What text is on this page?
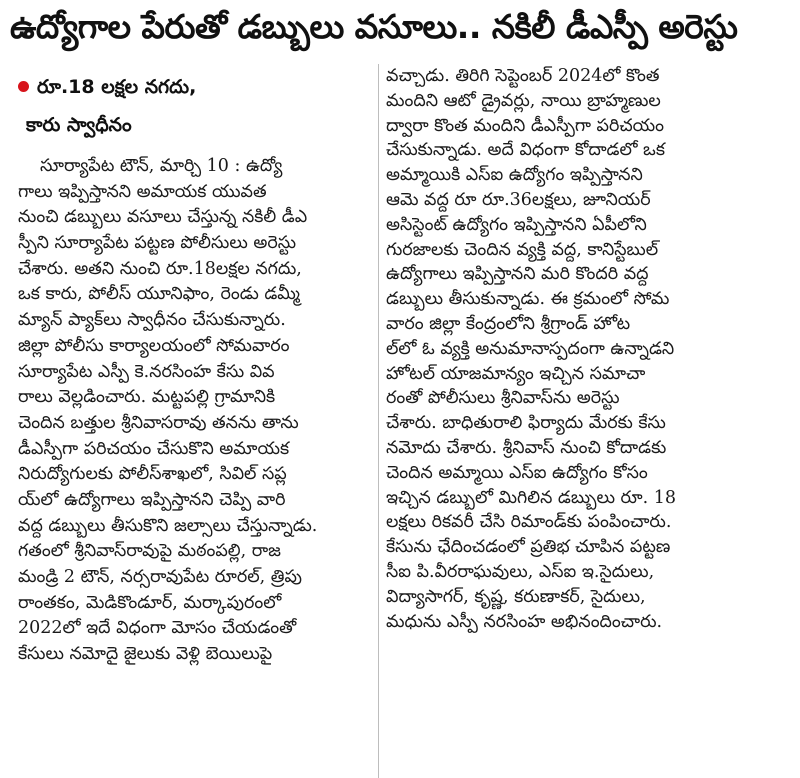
ఉద్యోగాల పేరుతో డబ్బులు వసూలు.. నకిలీ డీఎస్పీ అరెస్టు
రూ.18 లక్షల నగదు,
కారు స్వాధీనం
సూర్యాపేట టౌన్, మార్చి 10 : ఉద్యో
గాలు ఇప్పిస్తానని అమాయక యువత
నుంచి డబ్బులు వసూలు చేస్తున్న నకిలీ డీఎ
స్పీని సూర్యాపేట పట్టణ పోలీసులు అరెస్టు
చేశారు. అతని నుంచి రూ.18లక్షల నగదు,
ఒక కారు, పోలీస్ యూనిఫాం, రెండు డమ్మీ
మ్యాన్ ప్యాక్‌లు స్వాధీనం చేసుకున్నారు.
జిల్లా పోలీసు కార్యాలయంలో సోమవారం
సూర్యాపేట ఎస్పీ కె.నరసింహ కేసు వివ
రాలు వెల్లడించారు. మట్టపల్లి గ్రామానికి
చెందిన బత్తుల శ్రీనివాసరావు తనను తాను
డీఎస్పీగా పరిచయం చేసుకొని అమాయక
నిరుద్యోగులకు పోలీస్‌శాఖలో, సివిల్ సప్ల
య్‌లో ఉద్యోగాలు ఇప్పిస్తానని చెప్పి వారి
వద్ద డబ్బులు తీసుకొని జల్సాలు చేస్తున్నాడు.
గతంలో శ్రీనివాస్‌రావుపై మఠంపల్లి, రాజ
మండ్రి 2 టౌన్, నర్సరావుపేట రూరల్, త్రిపు
రాంతకం, మెడికొండూర్, మర్కాపురంలో
2022లో ఇదే విధంగా మోసం చేయడంతో
కేసులు నమోదై జైలుకు వెళ్లి బెయిలుపై
వచ్చాడు. తిరిగి సెప్టెంబర్ 2024లో కొంత
మందిని ఆటో డ్రైవర్లు, నాయి బ్రాహ్మణుల
ద్వారా కొంత మందిని డీఎస్పీగా పరిచయం
చేసుకున్నాడు. అదే విధంగా కోదాడలో ఒక
అమ్మాయికి ఎస్ఐ ఉద్యోగం ఇప్పిస్తానని
ఆమె వద్ద రూ రూ.36లక్షలు, జూనియర్
అసిస్టెంట్ ఉద్యోగం ఇప్పిస్తానని ఏపీలోని
గురజాలకు చెందిన వ్యక్తి వద్ద, కానిస్టేబుల్
ఉద్యోగాలు ఇప్పిస్తానని మరి కొందరి వద్ద
డబ్బులు తీసుకున్నాడు. ఈ క్రమంలో సోమ
వారం జిల్లా కేంద్రంలోని శ్రీగ్రాండ్ హోట
ల్‌లో ఓ వ్యక్తి అనుమానాస్పదంగా ఉన్నాడని
హోటల్ యాజమాన్యం ఇచ్చిన సమాచా
రంతో పోలీసులు శ్రీనివాస్‌ను అరెస్టు
చేశారు. బాధితురాలి ఫిర్యాదు మేరకు కేసు
నమోదు చేశారు. శ్రీనివాస్ నుంచి కోదాడకు
చెందిన అమ్మాయి ఎస్ఐ ఉద్యోగం కోసం
ఇచ్చిన డబ్బులో మిగిలిన డబ్బులు రూ. 18
లక్షలు రికవరీ చేసి రిమాండ్‌కు పంపించారు.
కేసును ఛేదించడంలో ప్రతిభ చూపిన పట్టణ
సీఐ పి.వీరరాఘవులు, ఎస్ఐ ఇ.సైదులు,
విద్యాసాగర్, కృష్ణ, కరుణాకర్, సైదులు,
మధును ఎస్పీ నరసింహ అభినందించారు.
